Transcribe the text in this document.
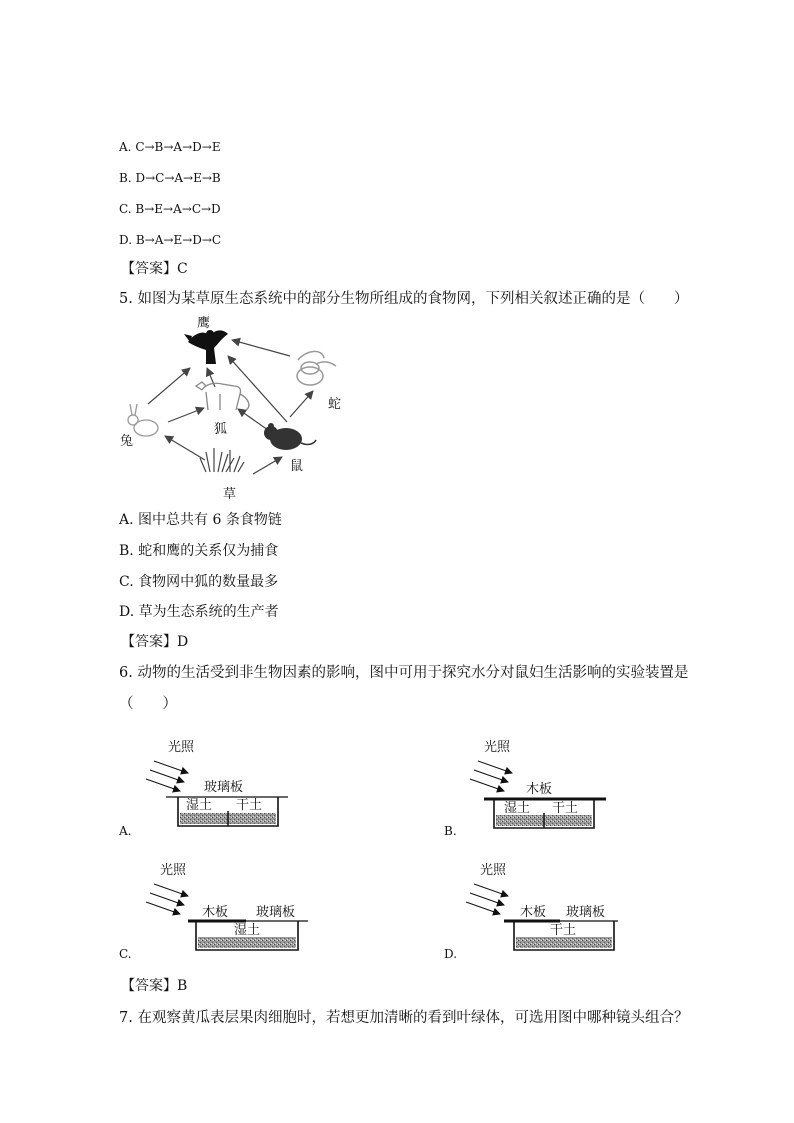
A. C→B→A→D→E
B. D→C→A→E→B
C. B→E→A→C→D
D. B→A→E→D→C
【答案】C
5. 如图为某草原生态系统中的部分生物所组成的食物网，下列相关叙述正确的是（　　）
鹰
蛇
狐
兔
鼠
草
A. 图中总共有 6 条食物链
B. 蛇和鹰的关系仅为捕食
C. 食物网中狐的数量最多
D. 草为生态系统的生产者
【答案】D
6. 动物的生活受到非生物因素的影响，图中可用于探究水分对鼠妇生活影响的实验装置是
（　　）
光照
玻璃板
湿土 干土
A.
光照
木板
湿土 干土
B.
光照
木板 玻璃板
湿土
C.
光照
木板 玻璃板
干土
D.
【答案】B
7. 在观察黄瓜表层果肉细胞时，若想更加清晰的看到叶绿体，可选用图中哪种镜头组合？
